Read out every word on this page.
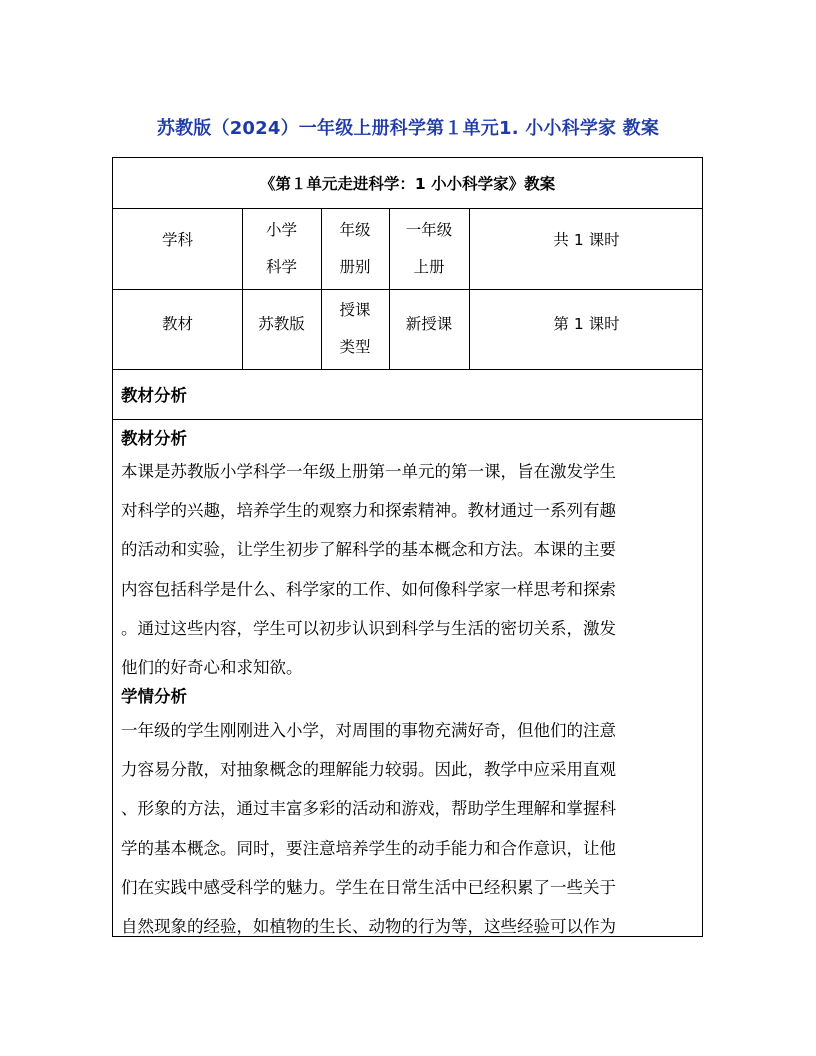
苏教版（2024）一年级上册科学第１单元1. 小小科学家 教案
《第１单元走进科学：1 小小科学家》教案
学科
小学
科学
年级
册别
一年级
上册
共 1 课时
教材	苏教版
授课
类型
新授课	第 1 课时
教材分析
教材分析
本课是苏教版小学科学一年级上册第一单元的第一课，旨在激发学生
对科学的兴趣，培养学生的观察力和探索精神。教材通过一系列有趣
的活动和实验，让学生初步了解科学的基本概念和方法。本课的主要
内容包括科学是什么、科学家的工作、如何像科学家一样思考和探索
。通过这些内容，学生可以初步认识到科学与生活的密切关系，激发
他们的好奇心和求知欲。
学情分析
一年级的学生刚刚进入小学，对周围的事物充满好奇，但他们的注意
力容易分散，对抽象概念的理解能力较弱。因此，教学中应采用直观
、形象的方法，通过丰富多彩的活动和游戏，帮助学生理解和掌握科
学的基本概念。同时，要注意培养学生的动手能力和合作意识，让他
们在实践中感受科学的魅力。学生在日常生活中已经积累了一些关于
自然现象的经验，如植物的生长、动物的行为等，这些经验可以作为
